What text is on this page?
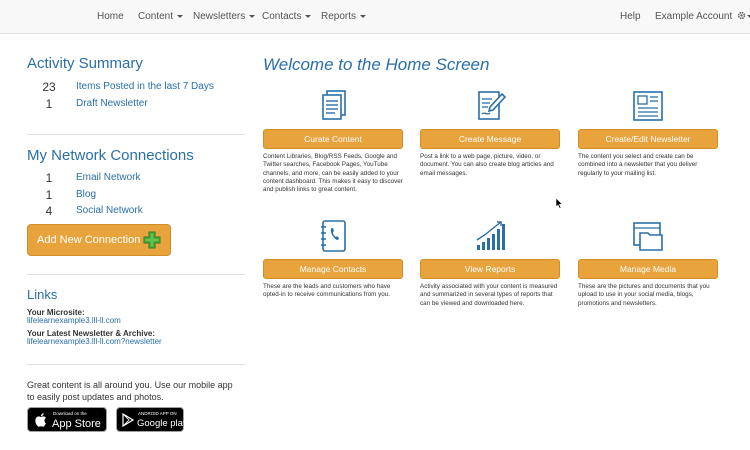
Home Content	Newsletters	Contacts	Reports	Help Example Account
Activity Summary
23	Items Posted in the last 7 Days
1	Draft Newsletter
My Network Connections
1	Email Network
1	Blog
4	Social Network
Add New Connection
Links
Your Microsite:
lifelearnexample3.lll-ll.com
Your Latest Newsletter & Archive:
lifelearnexample3.lll-ll.com?newsletter
Great content is all around you. Use our mobile app to easily post updates and photos.
Download on the
App Store
ANDROID APP ON
Google play
Welcome to the Home Screen
Curate Content
Content Libraries, Blog/RSS Feeds, Google and Twitter searches, Facebook Pages, YouTube channels, and more, can be easily added to your content dashboard. This makes it easy to discover and publish links to great content.
Create Message
Post a link to a web page, picture, video, or document. You can also create blog articles and email messages.
Create/Edit Newsletter
The content you select and create can be combined into a newsletter that you deliver regularly to your mailing list.
Manage Contacts
These are the leads and customers who have opted-in to receive communications from you.
View Reports
Activity associated with your content is measured and summarized in several types of reports that can be viewed and downloaded here.
Manage Media
These are the pictures and documents that you upload to use in your social media, blogs, promotions and newsletters.
